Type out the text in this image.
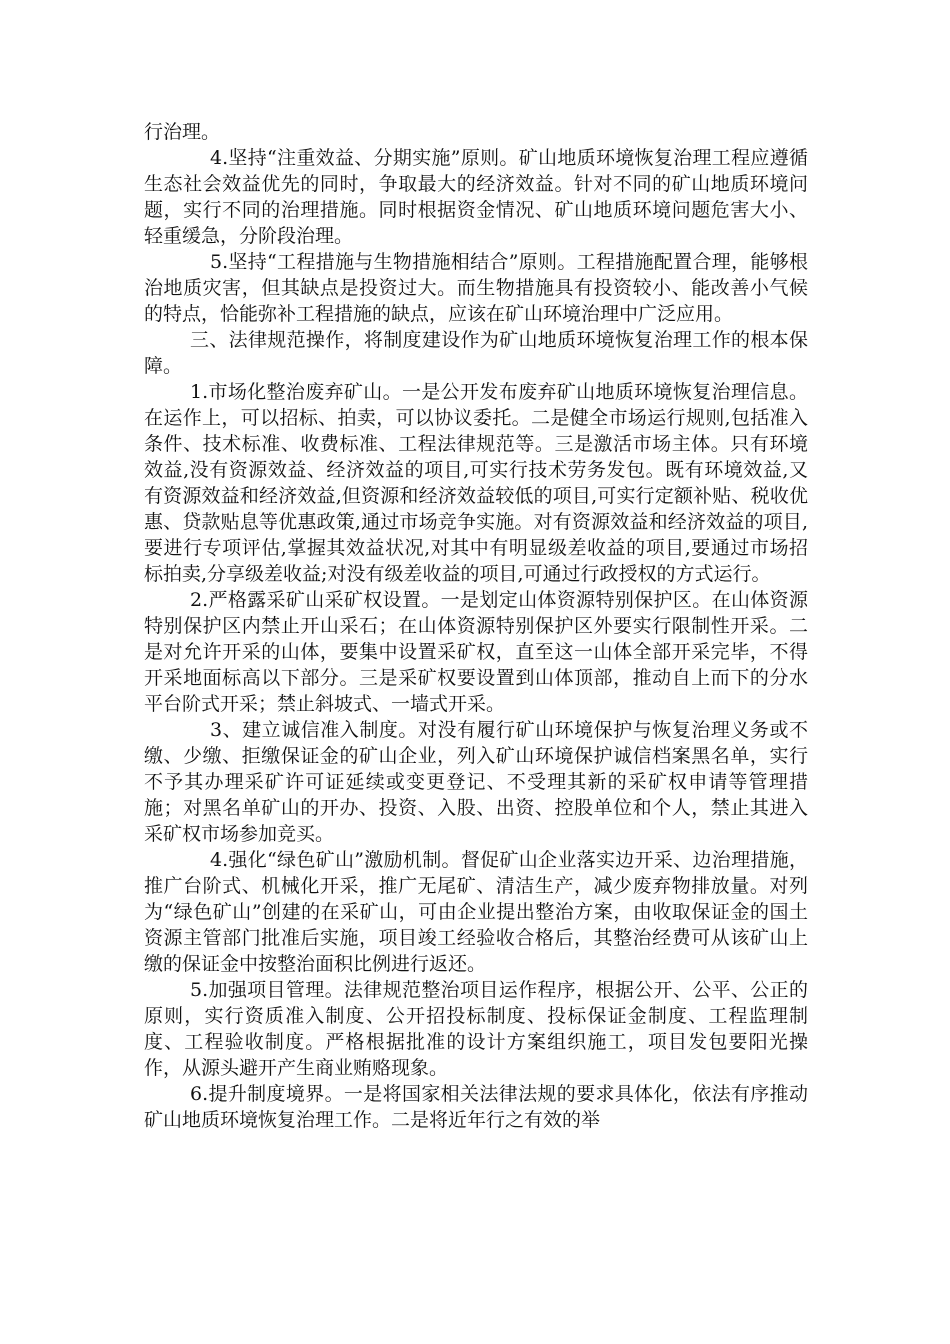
行治理。

4.坚持“注重效益、分期实施”原则。矿山地质环境恢复治理工程应遵循生态社会效益优先的同时，争取最大的经济效益。针对不同的矿山地质环境问题，实行不同的治理措施。同时根据资金情况、矿山地质环境问题危害大小、轻重缓急，分阶段治理。

5.坚持“工程措施与生物措施相结合”原则。工程措施配置合理，能够根治地质灾害，但其缺点是投资过大。而生物措施具有投资较小、能改善小气候的特点，恰能弥补工程措施的缺点，应该在矿山环境治理中广泛应用。

三、法律规范操作，将制度建设作为矿山地质环境恢复治理工作的根本保障。

1.市场化整治废弃矿山。一是公开发布废弃矿山地质环境恢复治理信息。在运作上，可以招标、拍卖，可以协议委托。二是健全市场运行规则,包括准入条件、技术标准、收费标准、工程法律规范等。三是激活市场主体。只有环境效益,没有资源效益、经济效益的项目,可实行技术劳务发包。既有环境效益,又有资源效益和经济效益,但资源和经济效益较低的项目,可实行定额补贴、税收优惠、贷款贴息等优惠政策,通过市场竞争实施。对有资源效益和经济效益的项目,要进行专项评估,掌握其效益状况,对其中有明显级差收益的项目,要通过市场招标拍卖,分享级差收益;对没有级差收益的项目,可通过行政授权的方式运行。

2.严格露采矿山采矿权设置。一是划定山体资源特别保护区。在山体资源特别保护区内禁止开山采石；在山体资源特别保护区外要实行限制性开采。二是对允许开采的山体，要集中设置采矿权，直至这一山体全部开采完毕，不得开采地面标高以下部分。三是采矿权要设置到山体顶部，推动自上而下的分水平台阶式开采；禁止斜坡式、一墙式开采。

3、建立诚信准入制度。对没有履行矿山环境保护与恢复治理义务或不缴、少缴、拒缴保证金的矿山企业，列入矿山环境保护诚信档案黑名单，实行不予其办理采矿许可证延续或变更登记、不受理其新的采矿权申请等管理措施；对黑名单矿山的开办、投资、入股、出资、控股单位和个人，禁止其进入采矿权市场参加竞买。

4.强化“绿色矿山”激励机制。督促矿山企业落实边开采、边治理措施，推广台阶式、机械化开采，推广无尾矿、清洁生产，减少废弃物排放量。对列为“绿色矿山”创建的在采矿山，可由企业提出整治方案，由收取保证金的国土资源主管部门批准后实施，项目竣工经验收合格后，其整治经费可从该矿山上缴的保证金中按整治面积比例进行返还。

5.加强项目管理。法律规范整治项目运作程序，根据公开、公平、公正的原则，实行资质准入制度、公开招投标制度、投标保证金制度、工程监理制度、工程验收制度。严格根据批准的设计方案组织施工，项目发包要阳光操作，从源头避开产生商业贿赂现象。

6.提升制度境界。一是将国家相关法律法规的要求具体化，依法有序推动矿山地质环境恢复治理工作。二是将近年行之有效的举
